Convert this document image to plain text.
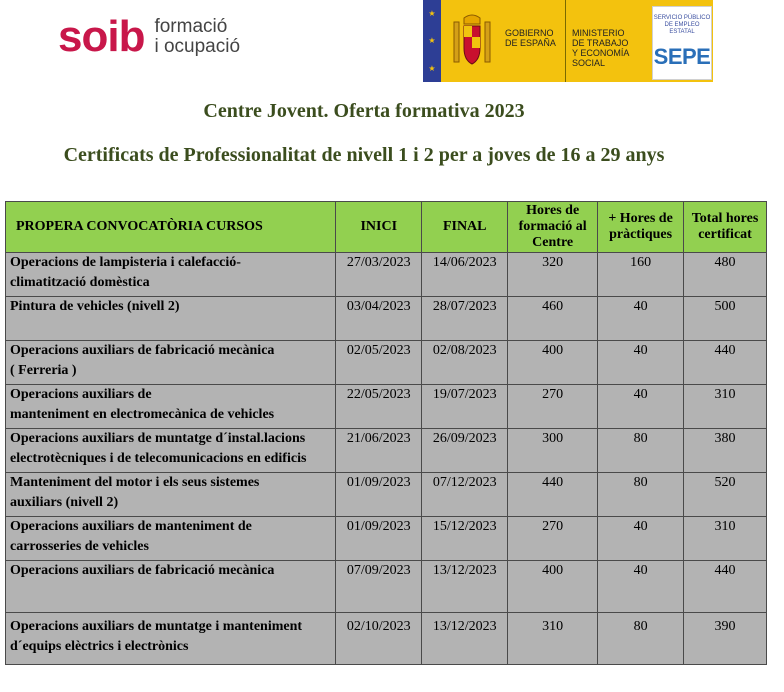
soib formació
i ocupació
★
★
★
GOBIERNO
DE ESPAÑA
MINISTERIO
DE TRABAJO
Y ECONOMÍA SOCIAL
SERVICIO PÚBLICO
DE EMPLEO ESTATAL
SEPE
Centre Jovent. Oferta formativa 2023
Certificats de Professionalitat de nivell 1 i 2 per a joves de 16 a 29 anys
PROPERA CONVOCATÒRIA CURSOS	INICI	FINAL	Hores de formació al Centre	+ Hores de pràctiques	Total hores certificat

Operacions de lampisteria i calefacció-
climatització domèstica	27/03/2023	14/06/2023	320	160	480

Pintura de vehicles (nivell 2)	03/04/2023	28/07/2023	460	40	500

Operacions auxiliars de fabricació mecànica
( Ferreria )	02/05/2023	02/08/2023	400	40	440

Operacions auxiliars de
manteniment en electromecànica de vehicles	22/05/2023	19/07/2023	270	40	310

Operacions auxiliars de muntatge d´instal.lacions
electrotècniques i de telecomunicacions en edificis	21/06/2023	26/09/2023	300	80	380

Manteniment del motor i els seus sistemes
auxiliars (nivell 2)	01/09/2023	07/12/2023	440	80	520

Operacions auxiliars de manteniment de
carrosseries de vehicles	01/09/2023	15/12/2023	270	40	310

Operacions auxiliars de fabricació mecànica	07/09/2023	13/12/2023	400	40	440

Operacions auxiliars de muntatge i manteniment
d´equips elèctrics i electrònics	02/10/2023	13/12/2023	310	80	390
